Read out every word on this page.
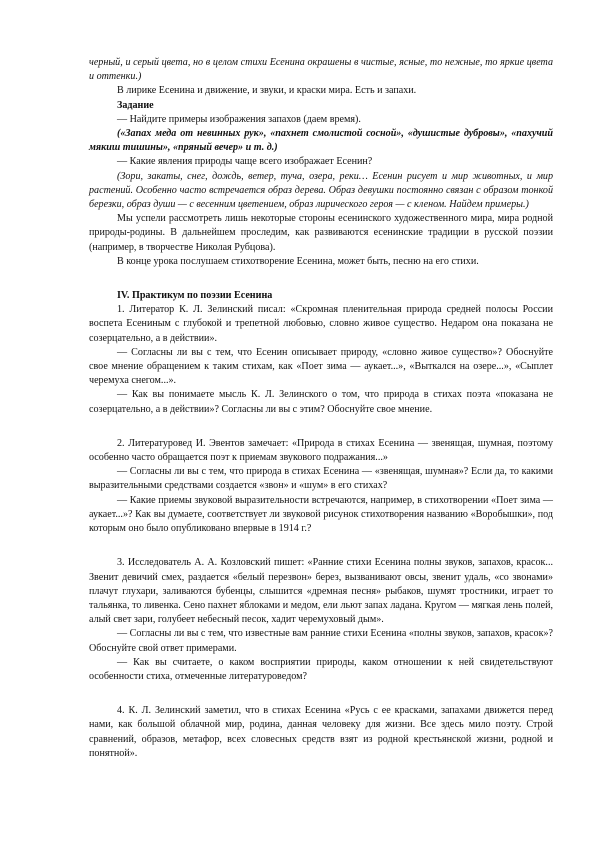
черный, и серый цвета, но в целом стихи Есенина окрашены в чистые, ясные, то нежные, то яркие цвета и оттенки.)

В лирике Есенина и движение, и звуки, и краски мира. Есть и запахи.

Задание

— Найдите примеры изображения запахов (даем время).

(«Запах меда от невинных рук», «пахнет смолистой сосной», «душистые дубровы», «пахучий мякиш тишины», «пряный вечер» и т. д.)

— Какие явления природы чаще всего изображает Есенин?

(Зори, закаты, снег, дождь, ветер, туча, озера, реки… Есенин рисует и мир животных, и мир растений. Особенно часто встречается образ дерева. Образ девушки постоянно связан с образом тонкой березки, образ души — с весенним цветением, образ лирического героя — с кленом. Найдем примеры.)

Мы успели рассмотреть лишь некоторые стороны есенинского художественного мира, мира родной природы-родины. В дальнейшем проследим, как развиваются есенинские традиции в русской поэзии (например, в творчестве Николая Рубцова).

В конце урока послушаем стихотворение Есенина, может быть, песню на его стихи.

IV. Практикум по поэзии Есенина

1. Литератор К. Л. Зелинский писал: «Скромная пленительная природа средней полосы России воспета Есениным с глубокой и трепетной любовью, словно живое существо. Недаром она показана не созерцательно, а в действии».

— Согласны ли вы с тем, что Есенин описывает природу, «словно живое существо»? Обоснуйте свое мнение обращением к таким стихам, как «Поет зима — аукает...», «Выткался на озере...», «Сыплет черемуха снегом...».

— Как вы понимаете мысль К. Л. Зелинского о том, что природа в стихах поэта «показана не созерцательно, а в действии»? Согласны ли вы с этим? Обоснуйте свое мнение.

2. Литературовед И. Эвентов замечает: «Природа в стихах Есенина — звенящая, шумная, поэтому особенно часто обращается поэт к приемам звукового подражания...»

— Согласны ли вы с тем, что природа в стихах Есенина — «звенящая, шумная»? Если да, то какими выразительными средствами создается «звон» и «шум» в его стихах?

— Какие приемы звуковой выразительности встречаются, например, в стихотворении «Поет зима — аукает...»? Как вы думаете, соответствует ли звуковой рисунок стихотворения названию «Воробышки», под которым оно было опубликовано впервые в 1914 г.?

3. Исследователь А. А. Козловский пишет: «Ранние стихи Есенина полны звуков, запахов, красок... Звенит девичий смех, раздается «белый перезвон» берез, вызванивают овсы, звенит удаль, «со звонами» плачут глухари, заливаются бубенцы, слышится «дремная песня» рыбаков, шумят тростники, играет то тальянка, то ливенка. Сено пахнет яблоками и медом, ели льют запах ладана. Кругом — мягкая лень полей, алый свет зари, голубеет небесный песок, хадит черемуховый дым».

— Согласны ли вы с тем, что известные вам ранние стихи Есенина «полны звуков, запахов, красок»? Обоснуйте свой ответ примерами.

— Как вы считаете, о каком восприятии природы, каком отношении к ней свидетельствуют особенности стиха, отмеченные литературоведом?

4. К. Л. Зелинский заметил, что в стихах Есенина «Русь с ее красками, запахами движется перед нами, как большой облачной мир, родина, данная человеку для жизни. Все здесь мило поэту. Строй сравнений, образов, метафор, всех словесных средств взят из родной крестьянской жизни, родной и понятной».
